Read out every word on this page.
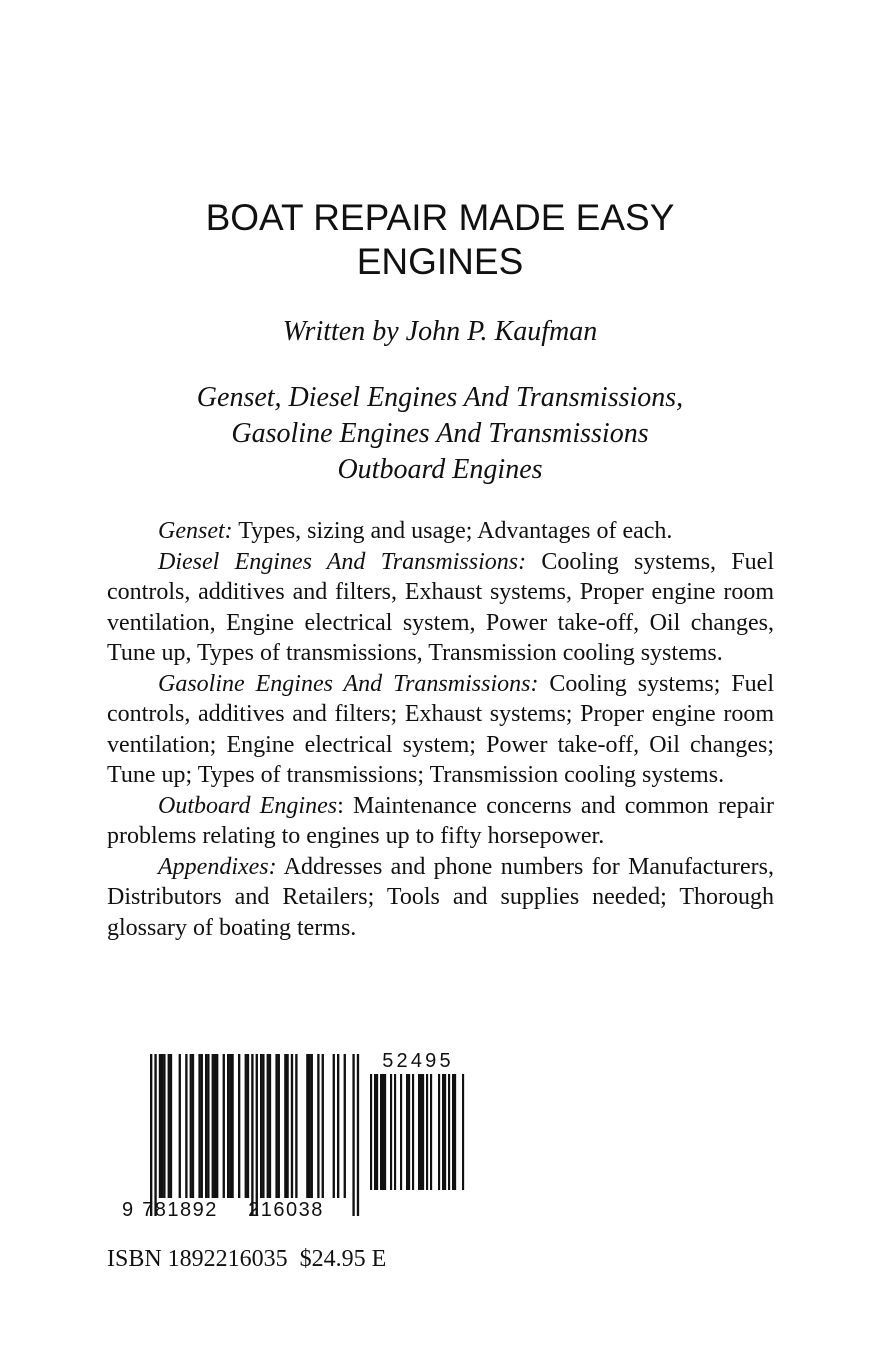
BOAT REPAIR MADE EASY
ENGINES
Written by John P. Kaufman
Genset, Diesel Engines And Transmissions,
Gasoline Engines And Transmissions
Outboard Engines

Genset: Types, sizing and usage; Advantages of each.

Diesel Engines And Transmissions: Cooling systems, Fuel controls, additives and filters, Exhaust systems, Proper engine room ventilation, Engine electrical system, Power take-off, Oil changes, Tune up, Types of transmissions, Transmission cooling systems.

Gasoline Engines And Transmissions: Cooling systems; Fuel controls, additives and filters; Exhaust systems; Proper engine room ventilation; Engine electrical system; Power take-off, Oil changes; Tune up; Types of transmissions; Transmission cooling systems.

Outboard Engines: Maintenance concerns and common repair problems relating to engines up to fifty horsepower.

Appendixes: Addresses and phone numbers for Manufacturers, Distributors and Retailers; Tools and supplies needed; Thorough glossary of boating terms.

9 781892 216038
52495
ISBN 1892216035  $24.95 E
